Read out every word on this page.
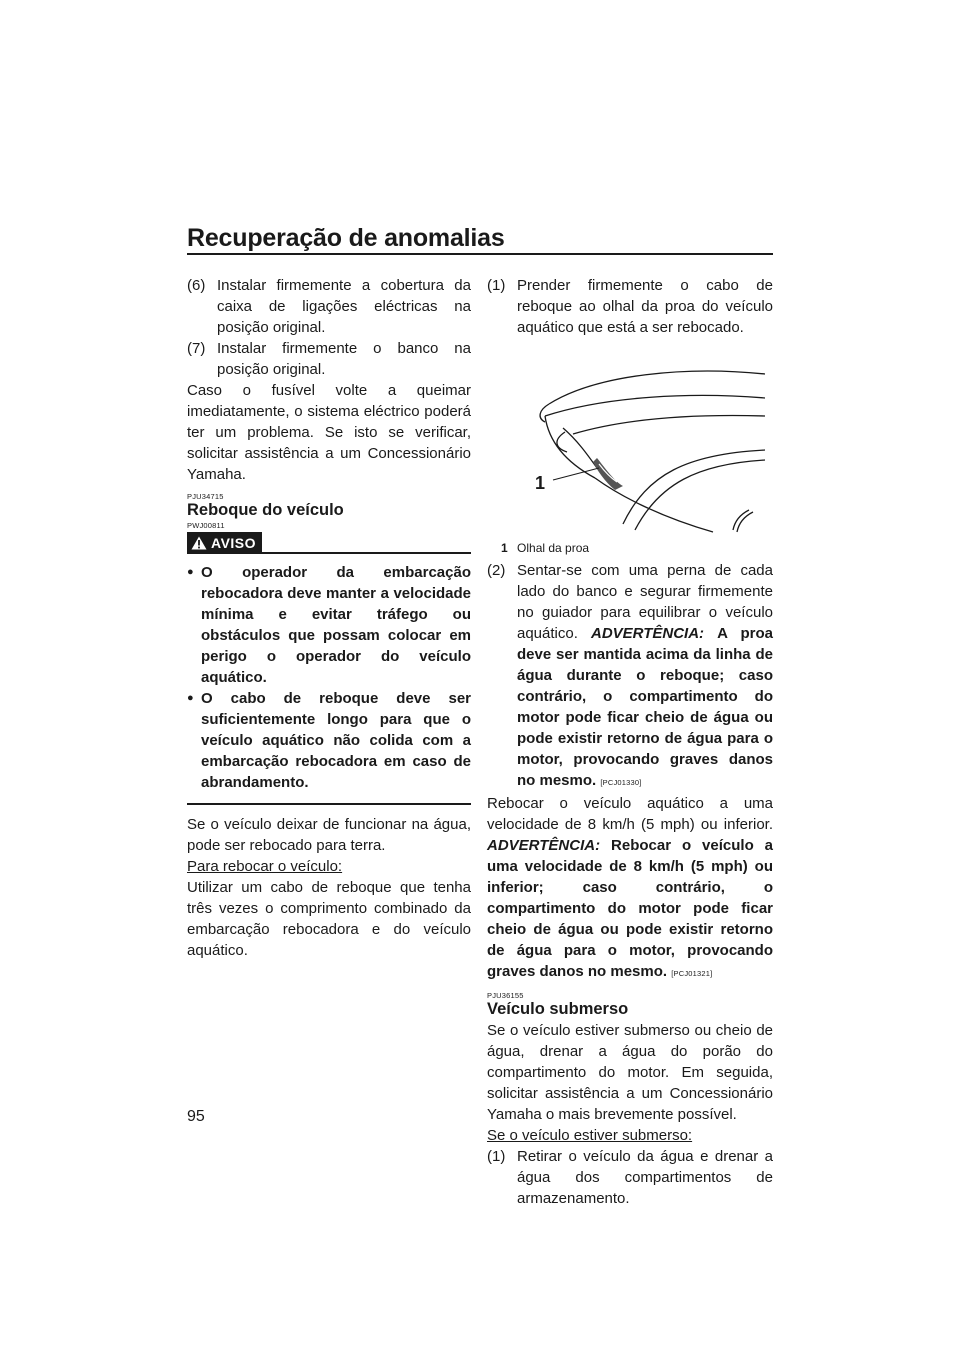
Recuperação de anomalias
(6) Instalar firmemente a cobertura da caixa de ligações eléctricas na posição original.
(7) Instalar firmemente o banco na posição original.

Caso o fusível volte a queimar imediatamente, o sistema eléctrico poderá ter um problema. Se isto se verificar, solicitar assistência a um Concessionário Yamaha.

PJU34715
Reboque do veículo
PWJ00811
AVISO
● O operador da embarcação rebocadora deve manter a velocidade mínima e evitar tráfego ou obstáculos que possam colocar em perigo o operador do veículo aquático.
● O cabo de reboque deve ser suficientemente longo para que o veículo aquático não colida com a embarcação rebocadora em caso de abrandamento.

Se o veículo deixar de funcionar na água, pode ser rebocado para terra.

Para rebocar o veículo:

Utilizar um cabo de reboque que tenha três vezes o comprimento combinado da embarcação rebocadora e do veículo aquático.

(1) Prender firmemente o cabo de reboque ao olhal da proa do veículo aquático que está a ser rebocado.
1
1 Olhal da proa
(2) Sentar-se com uma perna de cada lado do banco e segurar firmemente no guiador para equilibrar o veículo aquático. ADVERTÊNCIA: A proa deve ser mantida acima da linha de água durante o reboque; caso contrário, o compartimento do motor pode ficar cheio de água ou pode existir retorno de água para o motor, provocando graves danos no mesmo. [PCJ01330]

Rebocar o veículo aquático a uma velocidade de 8 km/h (5 mph) ou inferior. ADVERTÊNCIA: Rebocar o veículo a uma velocidade de 8 km/h (5 mph) ou inferior; caso contrário, o compartimento do motor pode ficar cheio de água ou pode existir retorno de água para o motor, provocando graves danos no mesmo. [PCJ01321]

PJU36155
Veículo submerso

Se o veículo estiver submerso ou cheio de água, drenar a água do porão do compartimento do motor. Em seguida, solicitar assistência a um Concessionário Yamaha o mais brevemente possível.

Se o veículo estiver submerso:
(1) Retirar o veículo da água e drenar a água dos compartimentos de armazenamento.
95
